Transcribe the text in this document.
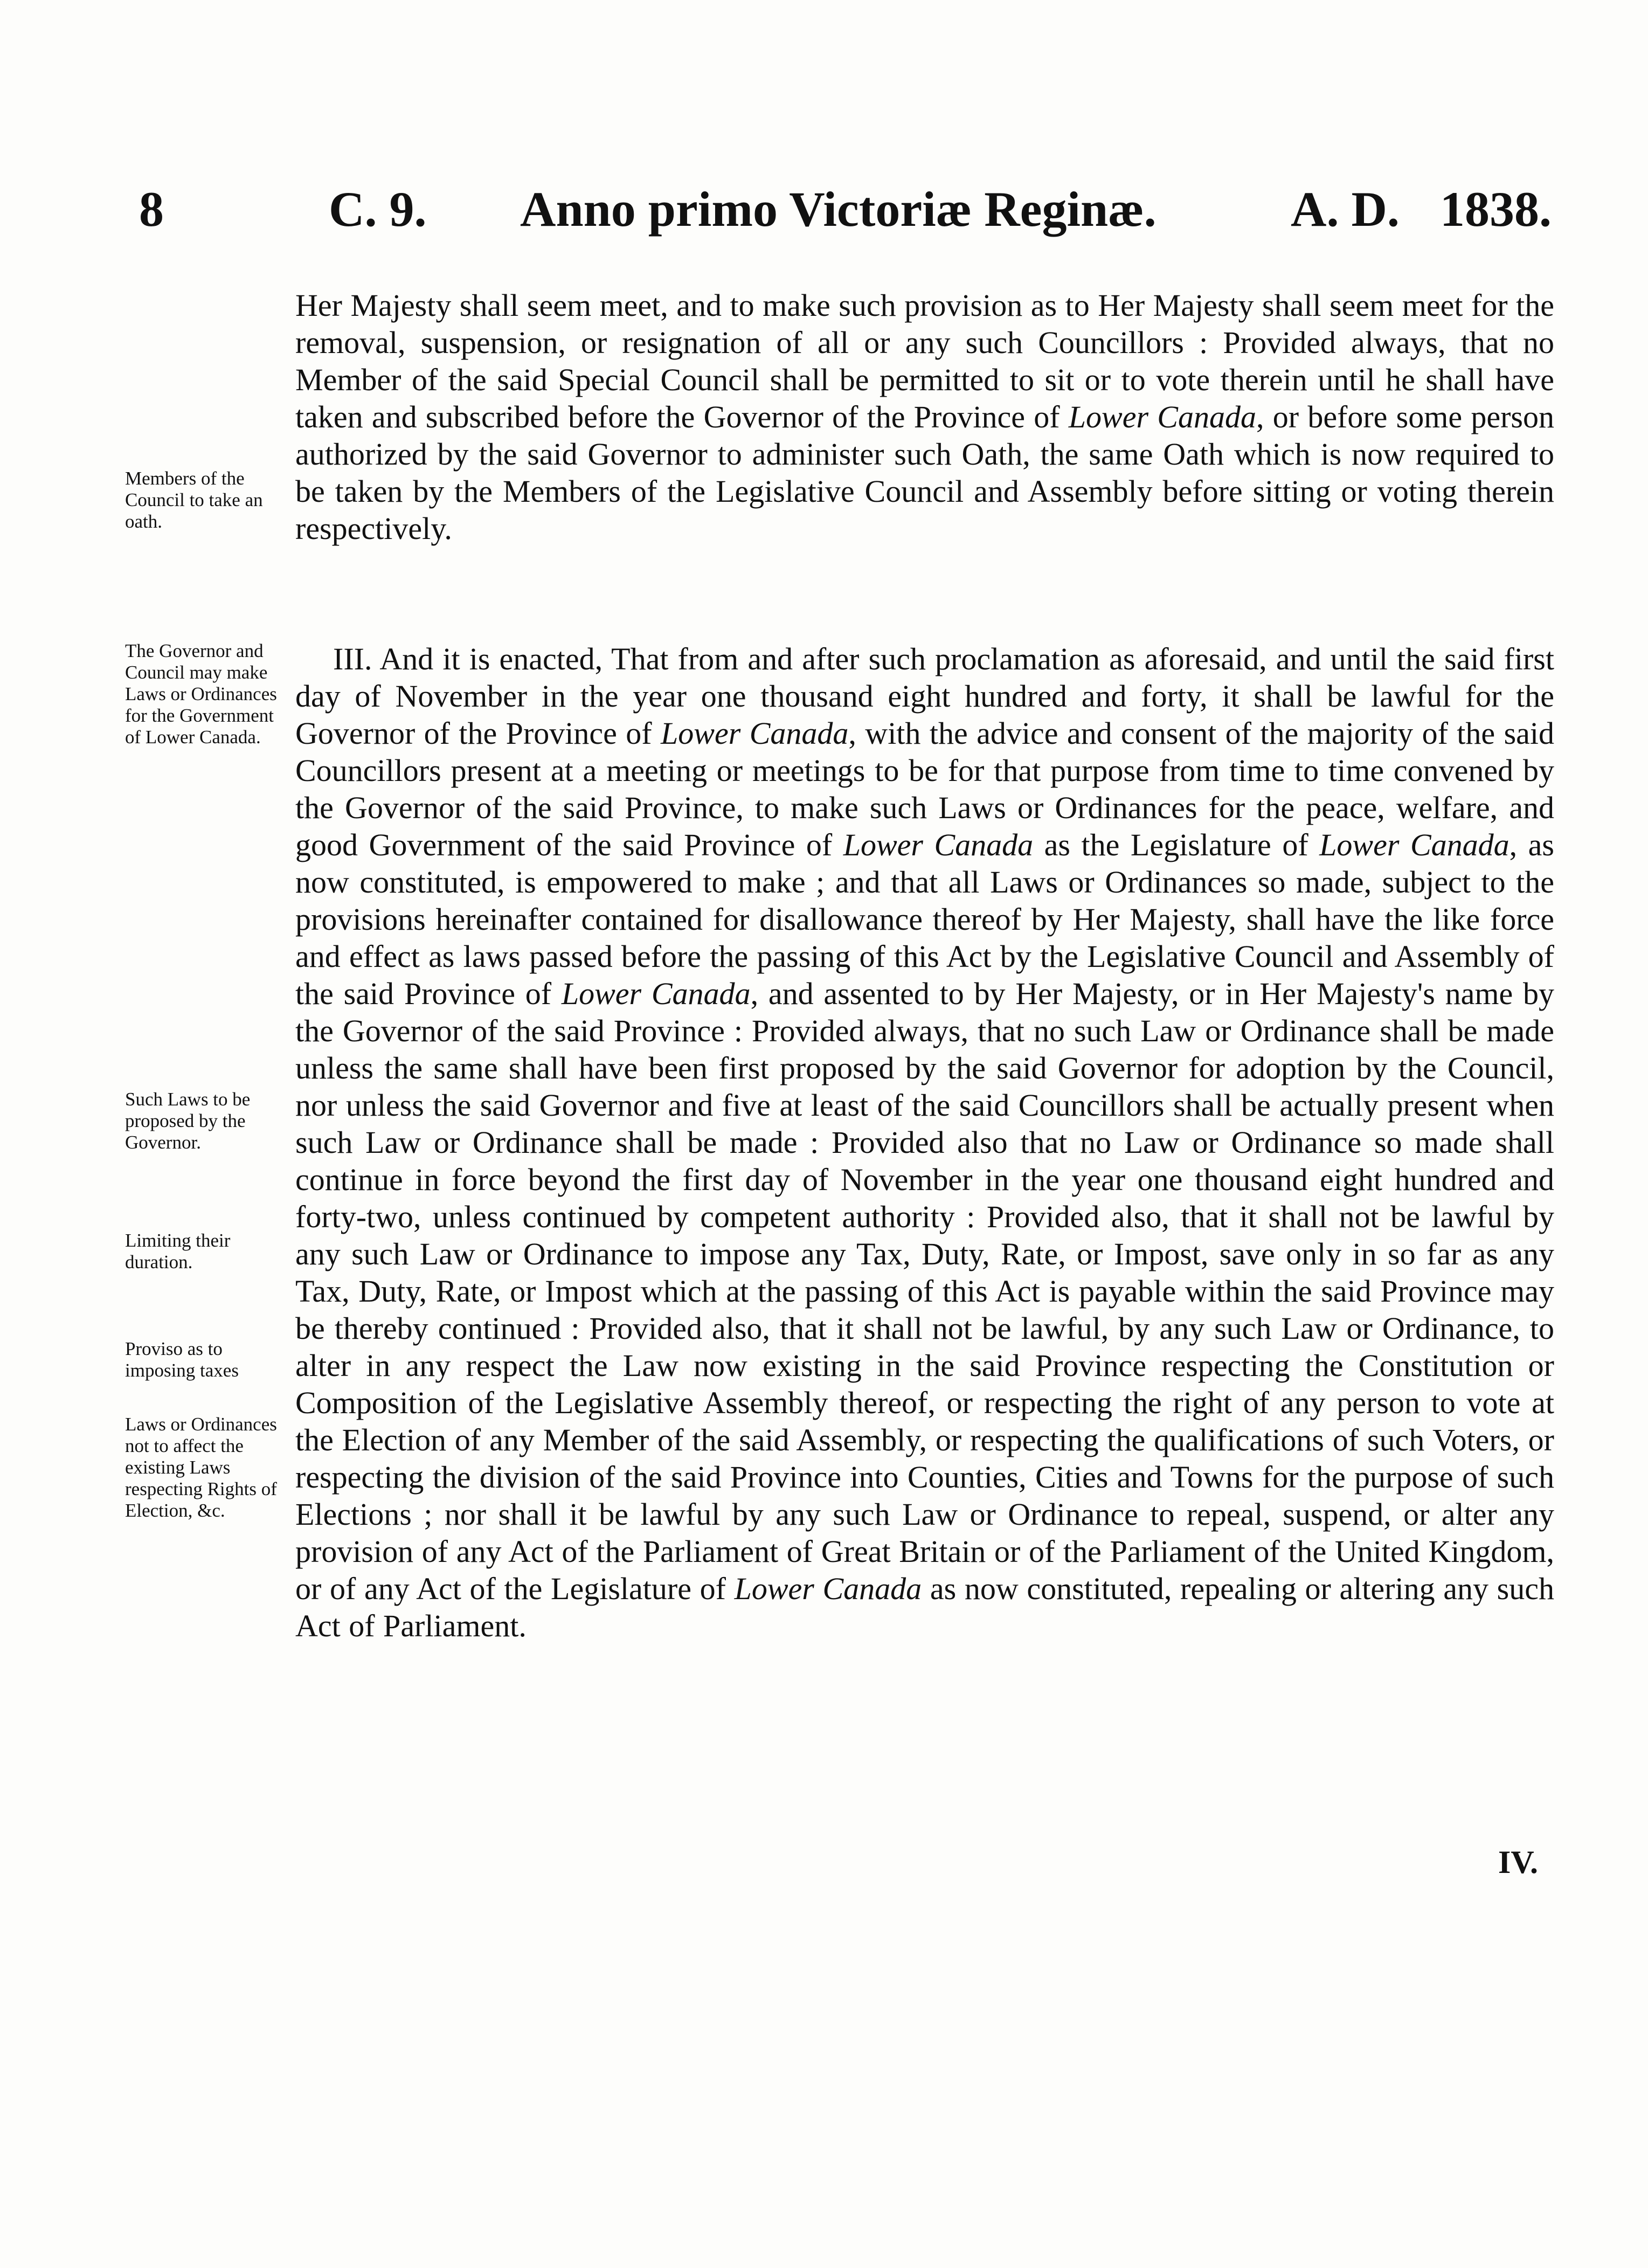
8	C. 9. Anno primo Victoriæ Reginæ.	A. D. 1838.
Members of the Council to take an oath.
The Governor and Council may make Laws or Ordinances for the Government of Lower Canada.
Such Laws to be proposed by the Governor.
Limiting their duration.
Proviso as to imposing taxes
Laws or Ordinances not to affect the existing Laws respecting Rights of Election, &c.

Her Majesty shall seem meet, and to make such provision as to Her Majesty shall seem meet for the removal, suspension, or resignation of all or any such Councillors : Provided always, that no Member of the said Special Council shall be permitted to sit or to vote therein until he shall have taken and subscribed before the Governor of the Province of Lower Canada, or before some person authorized by the said Governor to administer such Oath, the same Oath which is now required to be taken by the Members of the Legislative Council and Assembly before sitting or voting therein respectively.

III. And it is enacted, That from and after such proclamation as aforesaid, and until the said first day of November in the year one thousand eight hundred and forty, it shall be lawful for the Governor of the Province of Lower Canada, with the advice and consent of the majority of the said Councillors present at a meeting or meetings to be for that purpose from time to time convened by the Governor of the said Province, to make such Laws or Ordinances for the peace, welfare, and good Government of the said Province of Lower Canada as the Legislature of Lower Canada, as now constituted, is empowered to make ; and that all Laws or Ordinances so made, subject to the provisions hereinafter contained for disallowance thereof by Her Majesty, shall have the like force and effect as laws passed before the passing of this Act by the Legislative Council and Assembly of the said Province of Lower Canada, and assented to by Her Majesty, or in Her Majesty's name by the Governor of the said Province : Provided always, that no such Law or Ordinance shall be made unless the same shall have been first proposed by the said Governor for adoption by the Council, nor unless the said Governor and five at least of the said Councillors shall be actually present when such Law or Ordinance shall be made : Provided also that no Law or Ordinance so made shall continue in force beyond the first day of November in the year one thousand eight hundred and forty-two, unless continued by competent authority : Provided also, that it shall not be lawful by any such Law or Ordinance to impose any Tax, Duty, Rate, or Impost, save only in so far as any Tax, Duty, Rate, or Impost which at the passing of this Act is payable within the said Province may be thereby continued : Provided also, that it shall not be lawful, by any such Law or Ordinance, to alter in any respect the Law now existing in the said Province respecting the Constitution or Composition of the Legislative Assembly thereof, or respecting the right of any person to vote at the Election of any Member of the said Assembly, or respecting the qualifications of such Voters, or respecting the division of the said Province into Counties, Cities and Towns for the purpose of such Elections ; nor shall it be lawful by any such Law or Ordinance to repeal, suspend, or alter any provision of any Act of the Parliament of Great Britain or of the Parliament of the United Kingdom, or of any Act of the Legislature of Lower Canada as now constituted, repealing or altering any such Act of Parliament.

IV.
